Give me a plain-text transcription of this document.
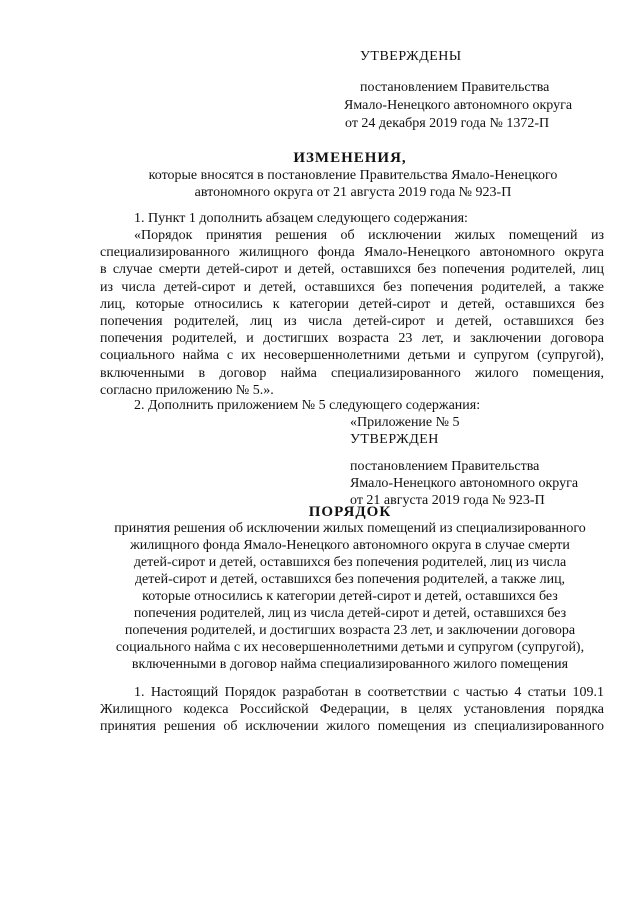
УТВЕРЖДЕНЫ
постановлением Правительства
Ямало-Ненецкого автономного округа
от 24 декабря 2019 года № 1372-П
ИЗМЕНЕНИЯ,
которые вносятся в постановление Правительства Ямало-Ненецкого
автономного округа от 21 августа 2019 года № 923-П
1. Пункт 1 дополнить абзацем следующего содержания:
«Порядок принятия решения об исключении жилых помещений из
специализированного жилищного фонда Ямало-Ненецкого автономного округа
в случае смерти детей-сирот и детей, оставшихся без попечения родителей, лиц
из числа детей-сирот и детей, оставшихся без попечения родителей, а также
лиц, которые относились к категории детей-сирот и детей, оставшихся без
попечения родителей, лиц из числа детей-сирот и детей, оставшихся без
попечения родителей, и достигших возраста 23 лет, и заключении договора
социального найма с их несовершеннолетними детьми и супругом (супругой),
включенными в договор найма специализированного жилого помещения,
согласно приложению № 5.».
2. Дополнить приложением № 5 следующего содержания:
«Приложение № 5
УТВЕРЖДЕН
постановлением Правительства
Ямало-Ненецкого автономного округа
от 21 августа 2019 года № 923-П
ПОРЯДОК
принятия решения об исключении жилых помещений из специализированного
жилищного фонда Ямало-Ненецкого автономного округа в случае смерти
детей-сирот и детей, оставшихся без попечения родителей, лиц из числа
детей-сирот и детей, оставшихся без попечения родителей, а также лиц,
которые относились к категории детей-сирот и детей, оставшихся без
попечения родителей, лиц из числа детей-сирот и детей, оставшихся без
попечения родителей, и достигших возраста 23 лет, и заключении договора
социального найма с их несовершеннолетними детьми и супругом (супругой),
включенными в договор найма специализированного жилого помещения
1. Настоящий Порядок разработан в соответствии с частью 4 статьи 109.1
Жилищного кодекса Российской Федерации, в целях установления порядка
принятия решения об исключении жилого помещения из специализированного
